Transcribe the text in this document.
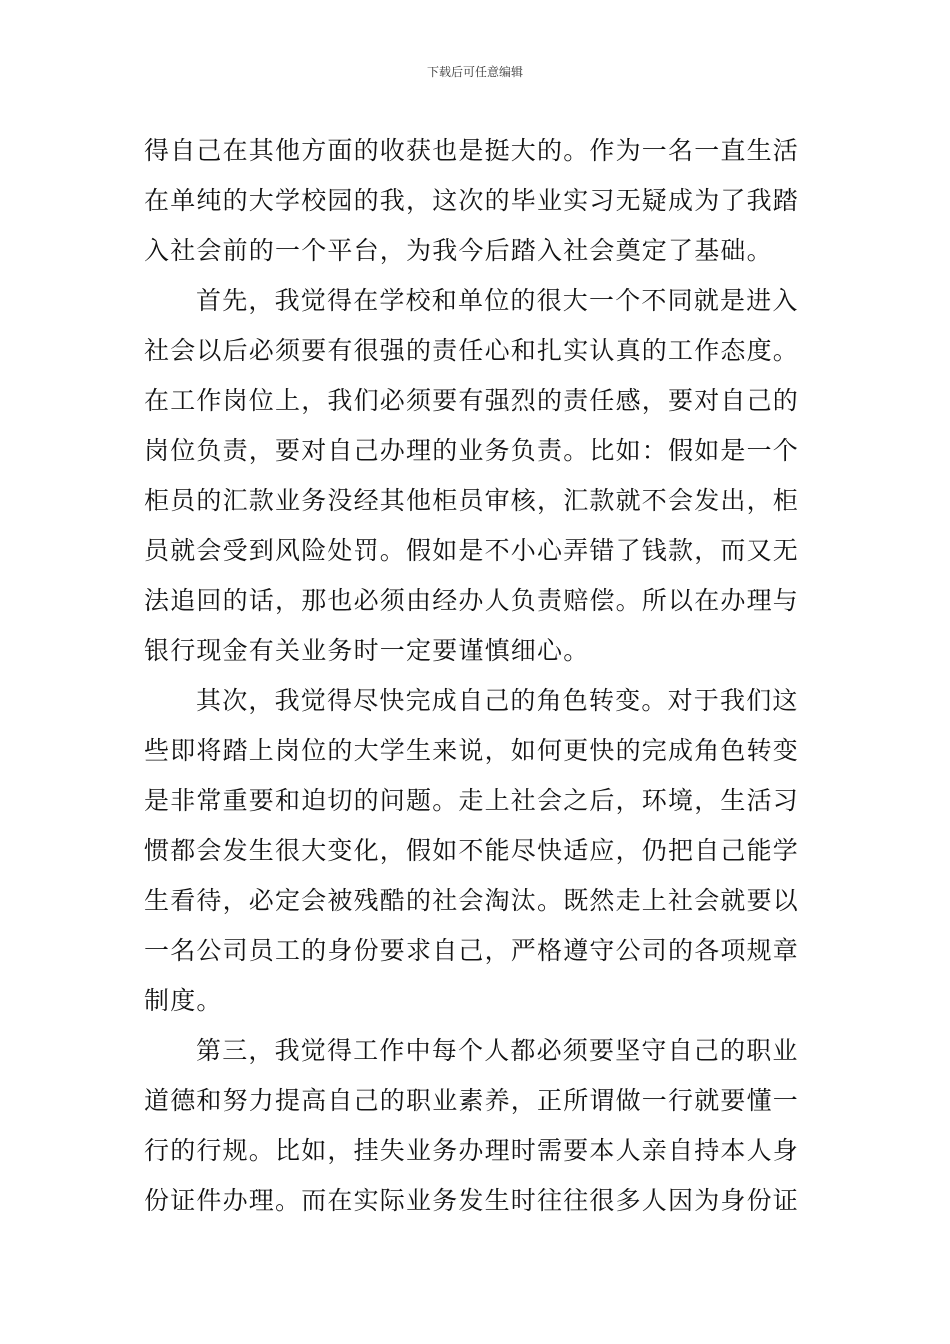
下载后可任意编辑
得自己在其他方面的收获也是挺大的。作为一名一直生活
在单纯的大学校园的我，这次的毕业实习无疑成为了我踏
入社会前的一个平台，为我今后踏入社会奠定了基础。
首先，我觉得在学校和单位的很大一个不同就是进入
社会以后必须要有很强的责任心和扎实认真的工作态度。
在工作岗位上，我们必须要有强烈的责任感，要对自己的
岗位负责，要对自己办理的业务负责。比如：假如是一个
柜员的汇款业务没经其他柜员审核，汇款就不会发出，柜
员就会受到风险处罚。假如是不小心弄错了钱款，而又无
法追回的话，那也必须由经办人负责赔偿。所以在办理与
银行现金有关业务时一定要谨慎细心。
其次，我觉得尽快完成自己的角色转变。对于我们这
些即将踏上岗位的大学生来说，如何更快的完成角色转变
是非常重要和迫切的问题。走上社会之后，环境，生活习
惯都会发生很大变化，假如不能尽快适应，仍把自己能学
生看待，必定会被残酷的社会淘汰。既然走上社会就要以
一名公司员工的身份要求自己，严格遵守公司的各项规章
制度。
第三，我觉得工作中每个人都必须要坚守自己的职业
道德和努力提高自己的职业素养，正所谓做一行就要懂一
行的行规。比如，挂失业务办理时需要本人亲自持本人身
份证件办理。而在实际业务发生时往往很多人因为身份证
